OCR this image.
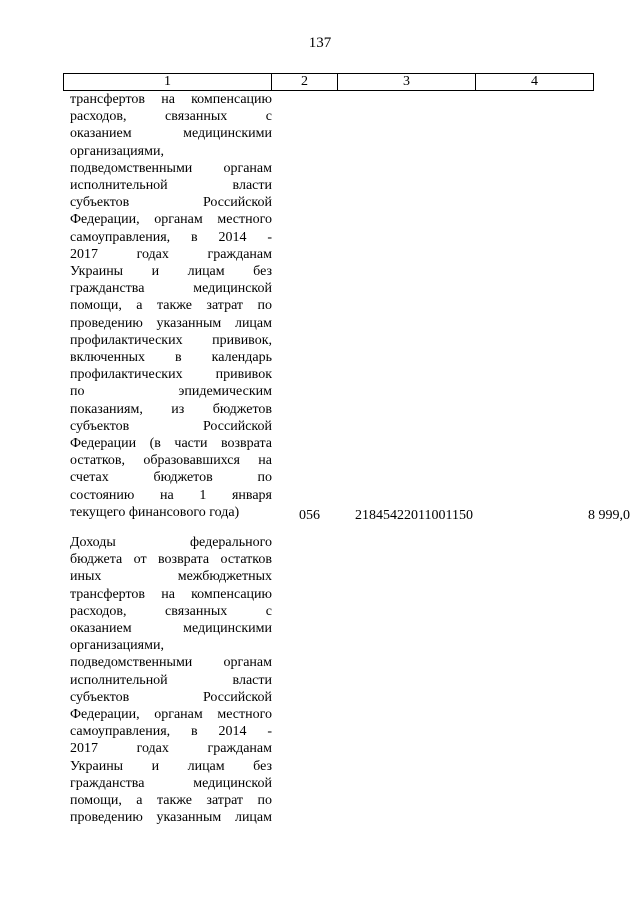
137
1	2	3	4
трансфертов на компенсацию
расходов, связанных с
оказанием медицинскими
организациями,
подведомственными органам
исполнительной власти
субъектов Российской
Федерации, органам местного
самоуправления, в 2014 -
2017 годах гражданам
Украины и лицам без
гражданства медицинской
помощи, а также затрат по
проведению указанным лицам
профилактических прививок,
включенных в календарь
профилактических прививок
по эпидемическим
показаниям, из бюджетов
субъектов Российской
Федерации (в части возврата
остатков, образовавшихся на
счетах бюджетов по
состоянию на 1 января
текущего финансового года)	056	21845422011001150	8 999,0
Доходы федерального
бюджета от возврата остатков
иных межбюджетных
трансфертов на компенсацию
расходов, связанных с
оказанием медицинскими
организациями,
подведомственными органам
исполнительной власти
субъектов Российской
Федерации, органам местного
самоуправления, в 2014 -
2017 годах гражданам
Украины и лицам без
гражданства медицинской
помощи, а также затрат по
проведению указанным лицам
